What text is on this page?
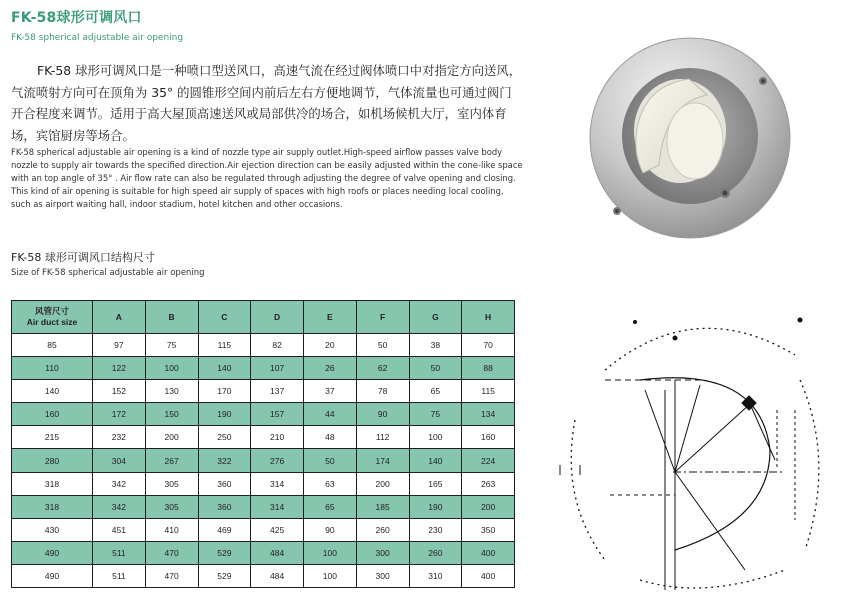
FK-58球形可调风口
FK-58 spherical adjustable air opening

FK-58 球形可调风口是一种喷口型送风口，高速气流在经过阀体喷口中对指定方向送风，气流喷射方向可在顶角为 35° 的圆锥形空间内前后左右方便地调节，气体流量也可通过阀门开合程度来调节。适用于高大屋顶高速送风或局部供冷的场合，如机场候机大厅，室内体育场，宾馆厨房等场合。

FK-58 spherical adjustable air opening is a kind of nozzle type air supply outlet.High-speed airflow passes valve body nozzle to supply air towards the specified direction.Air ejection direction can be easily adjusted within the cone-like space with an top angle of 35° . Air flow rate can also be regulated through adjusting the degree of valve opening and closing. This kind of air opening is suitable for high speed air supply of spaces with high roofs or places needing local cooling, such as airport waiting hall, indoor stadium, hotel kitchen and other occasions.

FK-58 球形可调风口结构尺寸
Size of FK-58 spherical adjustable air opening
风管尺寸
Air duct size	A	B	C	D	E	F	G	H
85	97	75	115	82	20	50	38	70
110	122	100	140	107	26	62	50	88
140	152	130	170	137	37	78	65	115
160	172	150	190	157	44	90	75	134
215	232	200	250	210	48	112	100	160
280	304	267	322	276	50	174	140	224
318	342	305	360	314	63	200	165	263
318	342	305	360	314	65	185	190	200
430	451	410	469	425	90	260	230	350
490	511	470	529	484	100	300	260	400
490	511	470	529	484	100	300	310	400
